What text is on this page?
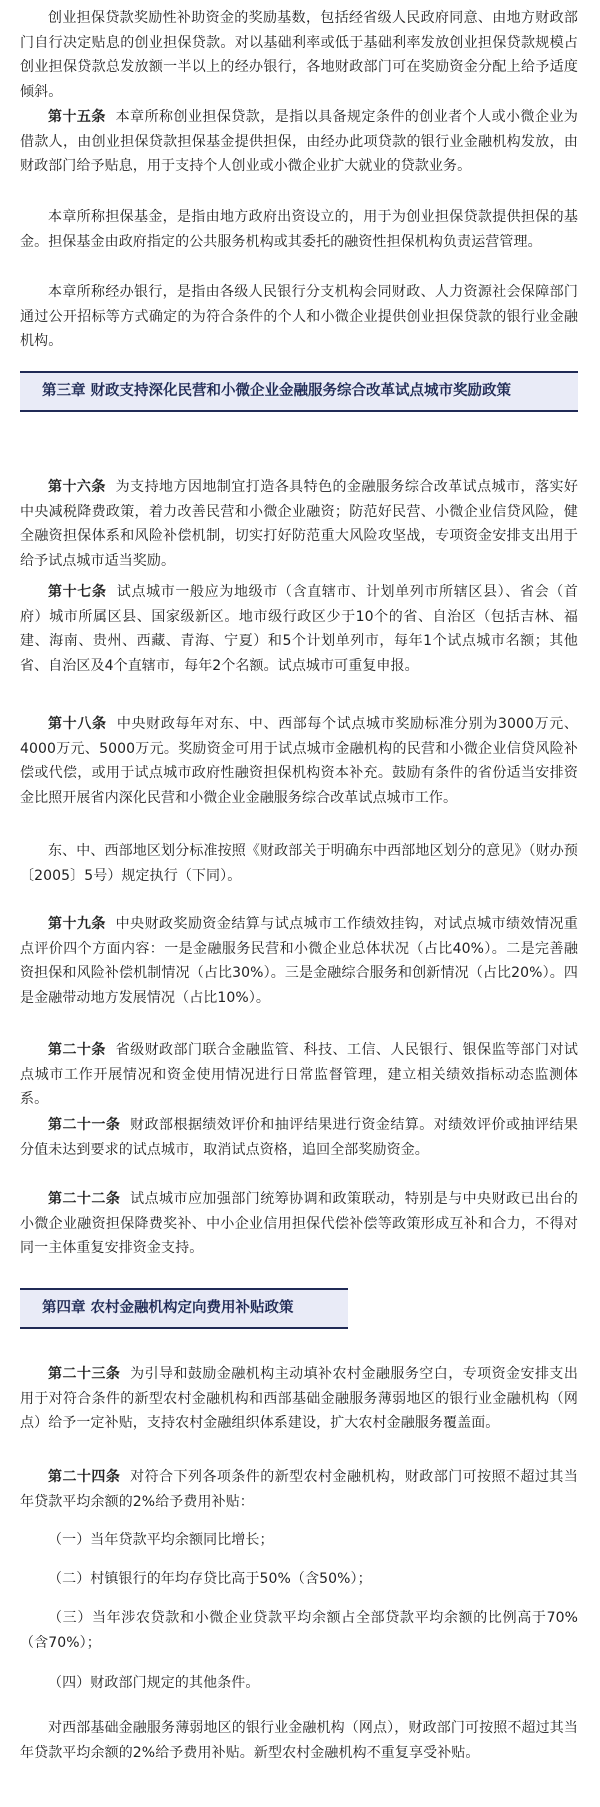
创业担保贷款奖励性补助资金的奖励基数，包括经省级人民政府同意、由地方财政部门自行决定贴息的创业担保贷款。对以基础利率或低于基础利率发放创业担保贷款规模占创业担保贷款总发放额一半以上的经办银行，各地财政部门可在奖励资金分配上给予适度倾斜。

第十五条 本章所称创业担保贷款，是指以具备规定条件的创业者个人或小微企业为借款人，由创业担保贷款担保基金提供担保，由经办此项贷款的银行业金融机构发放，由财政部门给予贴息，用于支持个人创业或小微企业扩大就业的贷款业务。

本章所称担保基金，是指由地方政府出资设立的，用于为创业担保贷款提供担保的基金。担保基金由政府指定的公共服务机构或其委托的融资性担保机构负责运营管理。

本章所称经办银行，是指由各级人民银行分支机构会同财政、人力资源社会保障部门通过公开招标等方式确定的为符合条件的个人和小微企业提供创业担保贷款的银行业金融机构。

第三章 财政支持深化民营和小微企业金融服务综合改革试点城市奖励政策

第十六条 为支持地方因地制宜打造各具特色的金融服务综合改革试点城市，落实好中央减税降费政策，着力改善民营和小微企业融资；防范好民营、小微企业信贷风险，健全融资担保体系和风险补偿机制，切实打好防范重大风险攻坚战，专项资金安排支出用于给予试点城市适当奖励。

第十七条 试点城市一般应为地级市（含直辖市、计划单列市所辖区县）、省会（首府）城市所属区县、国家级新区。地市级行政区少于10个的省、自治区（包括吉林、福建、海南、贵州、西藏、青海、宁夏）和5个计划单列市，每年1个试点城市名额；其他省、自治区及4个直辖市，每年2个名额。试点城市可重复申报。

第十八条 中央财政每年对东、中、西部每个试点城市奖励标准分别为3000万元、4000万元、5000万元。奖励资金可用于试点城市金融机构的民营和小微企业信贷风险补偿或代偿，或用于试点城市政府性融资担保机构资本补充。鼓励有条件的省份适当安排资金比照开展省内深化民营和小微企业金融服务综合改革试点城市工作。

东、中、西部地区划分标准按照《财政部关于明确东中西部地区划分的意见》（财办预〔2005〕5号）规定执行（下同）。

第十九条 中央财政奖励资金结算与试点城市工作绩效挂钩，对试点城市绩效情况重点评价四个方面内容：一是金融服务民营和小微企业总体状况（占比40%）。二是完善融资担保和风险补偿机制情况（占比30%）。三是金融综合服务和创新情况（占比20%）。四是金融带动地方发展情况（占比10%）。

第二十条 省级财政部门联合金融监管、科技、工信、人民银行、银保监等部门对试点城市工作开展情况和资金使用情况进行日常监督管理，建立相关绩效指标动态监测体系。

第二十一条 财政部根据绩效评价和抽评结果进行资金结算。对绩效评价或抽评结果分值未达到要求的试点城市，取消试点资格，追回全部奖励资金。

第二十二条 试点城市应加强部门统筹协调和政策联动，特别是与中央财政已出台的小微企业融资担保降费奖补、中小企业信用担保代偿补偿等政策形成互补和合力，不得对同一主体重复安排资金支持。

第四章 农村金融机构定向费用补贴政策

第二十三条 为引导和鼓励金融机构主动填补农村金融服务空白，专项资金安排支出用于对符合条件的新型农村金融机构和西部基础金融服务薄弱地区的银行业金融机构（网点）给予一定补贴，支持农村金融组织体系建设，扩大农村金融服务覆盖面。

第二十四条 对符合下列各项条件的新型农村金融机构，财政部门可按照不超过其当年贷款平均余额的2%给予费用补贴：

（一）当年贷款平均余额同比增长；

（二）村镇银行的年均存贷比高于50%（含50%）；

（三）当年涉农贷款和小微企业贷款平均余额占全部贷款平均余额的比例高于70%（含70%）；

（四）财政部门规定的其他条件。

对西部基础金融服务薄弱地区的银行业金融机构（网点），财政部门可按照不超过其当年贷款平均余额的2%给予费用补贴。新型农村金融机构不重复享受补贴。
